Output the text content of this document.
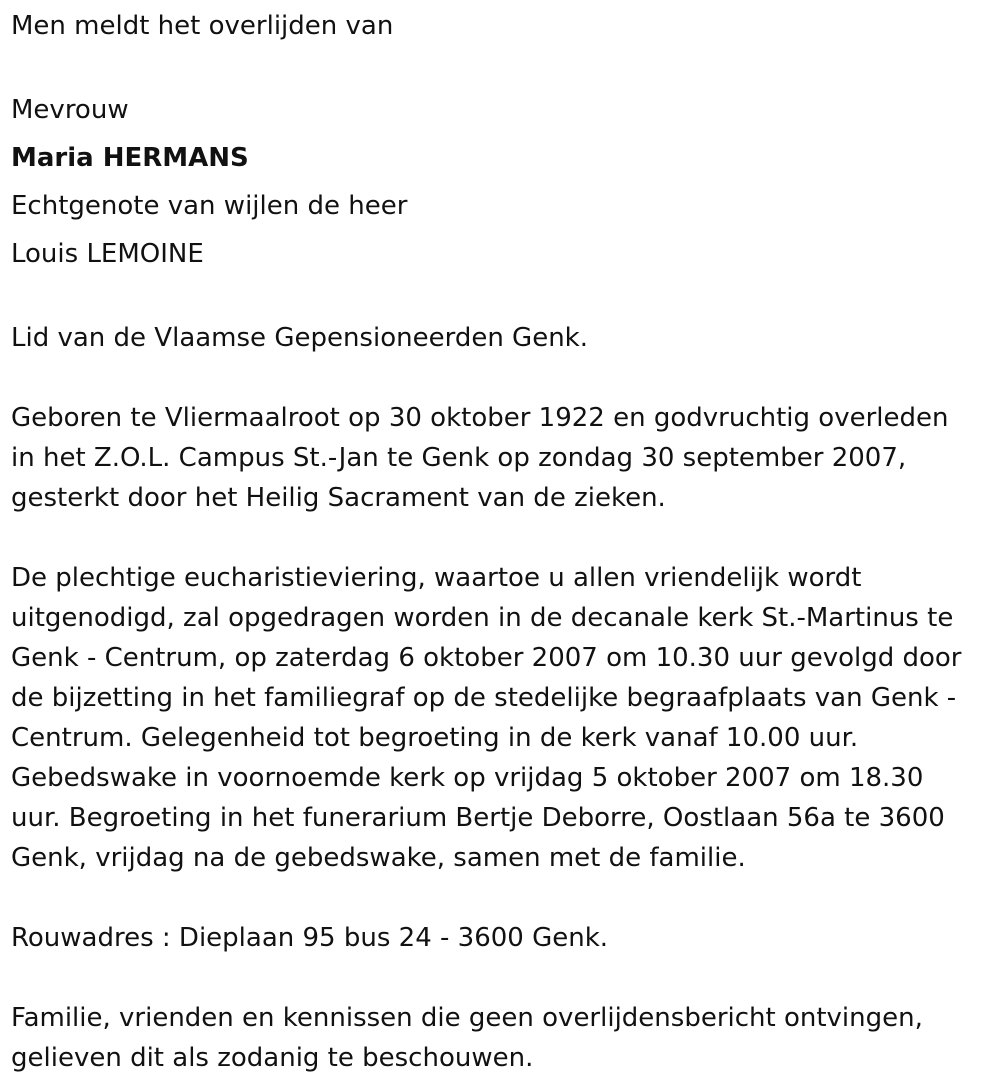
Men meldt het overlijden van

Mevrouw

Maria HERMANS

Echtgenote van wijlen de heer

Louis LEMOINE

Lid van de Vlaamse Gepensioneerden Genk.

Geboren te Vliermaalroot op 30 oktober 1922 en godvruchtig overleden

in het Z.O.L. Campus St.-Jan te Genk op zondag 30 september 2007,

gesterkt door het Heilig Sacrament van de zieken.

De plechtige eucharistieviering, waartoe u allen vriendelijk wordt

uitgenodigd, zal opgedragen worden in de decanale kerk St.-Martinus te

Genk - Centrum, op zaterdag 6 oktober 2007 om 10.30 uur gevolgd door

de bijzetting in het familiegraf op de stedelijke begraafplaats van Genk -

Centrum. Gelegenheid tot begroeting in de kerk vanaf 10.00 uur.

Gebedswake in voornoemde kerk op vrijdag 5 oktober 2007 om 18.30

uur. Begroeting in het funerarium Bertje Deborre, Oostlaan 56a te 3600

Genk, vrijdag na de gebedswake, samen met de familie.

Rouwadres : Dieplaan 95 bus 24 - 3600 Genk.

Familie, vrienden en kennissen die geen overlijdensbericht ontvingen,

gelieven dit als zodanig te beschouwen.
